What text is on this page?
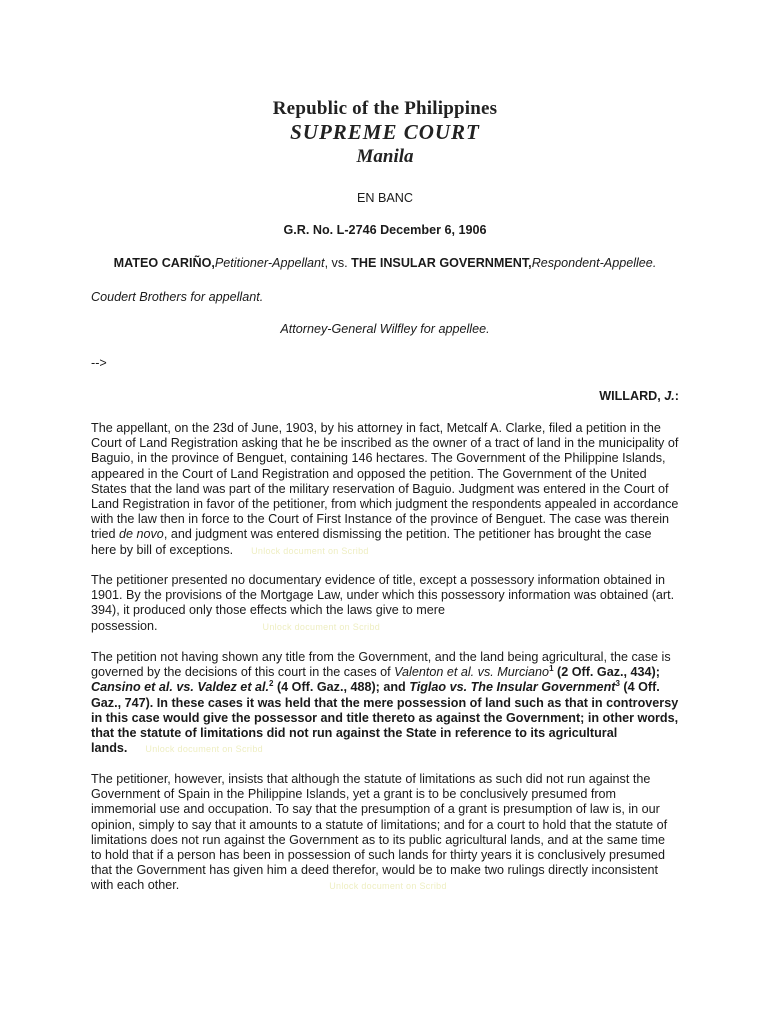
Republic of the Philippines
SUPREME COURT
Manila
EN BANC
G.R. No. L-2746 December 6, 1906
MATEO CARIÑO,Petitioner-Appellant, vs. THE INSULAR GOVERNMENT,Respondent-Appellee.
Coudert Brothers for appellant.
Attorney-General Wilfley for appellee.
-->
WILLARD, J.:

The appellant, on the 23d of June, 1903, by his attorney in fact, Metcalf A. Clarke, filed a petition in the Court of Land Registration asking that he be inscribed as the owner of a tract of land in the municipality of Baguio, in the province of Benguet, containing 146 hectares. The Government of the Philippine Islands, appeared in the Court of Land Registration and opposed the petition. The Government of the United States that the land was part of the military reservation of Baguio. Judgment was entered in the Court of Land Registration in favor of the petitioner, from which judgment the respondents appealed in accordance with the law then in force to the Court of First Instance of the province of Benguet. The case was therein tried de novo, and judgment was entered dismissing the petition. The petitioner has brought the case here by bill of exceptions. Unlock document on Scribd

The petitioner presented no documentary evidence of title, except a possessory information obtained in 1901. By the provisions of the Mortgage Law, under which this possessory information was obtained (art. 394), it produced only those effects which the laws give to mere
possession.	Unlock document on Scribd

The petition not having shown any title from the Government, and the land being agricultural, the case is governed by the decisions of this court in the cases of Valenton et al. vs. Murciano$^1$ (2 Off. Gaz., 434); Cansino et al. vs. Valdez et al.$^2$ (4 Off. Gaz., 488); and Tiglao vs. The Insular Government$^3$ (4 Off. Gaz., 747). In these cases it was held that the mere possession of land such as that in controversy in this case would give the possessor and title thereto as against the Government; in other words, that the statute of limitations did not run against the State in reference to its agricultural lands. Unlock document on Scribd

The petitioner, however, insists that although the statute of limitations as such did not run against the Government of Spain in the Philippine Islands, yet a grant is to be conclusively presumed from immemorial use and occupation. To say that the presumption of a grant is presumption of law is, in our opinion, simply to say that it amounts to a statute of limitations; and for a court to hold that the statute of limitations does not run against the Government as to its public agricultural lands, and at the same time to hold that if a person has been in possession of such lands for thirty years it is conclusively presumed that the Government has given him a deed therefor, would be to make two rulings directly inconsistent with each other.	Unlock document on Scribd
